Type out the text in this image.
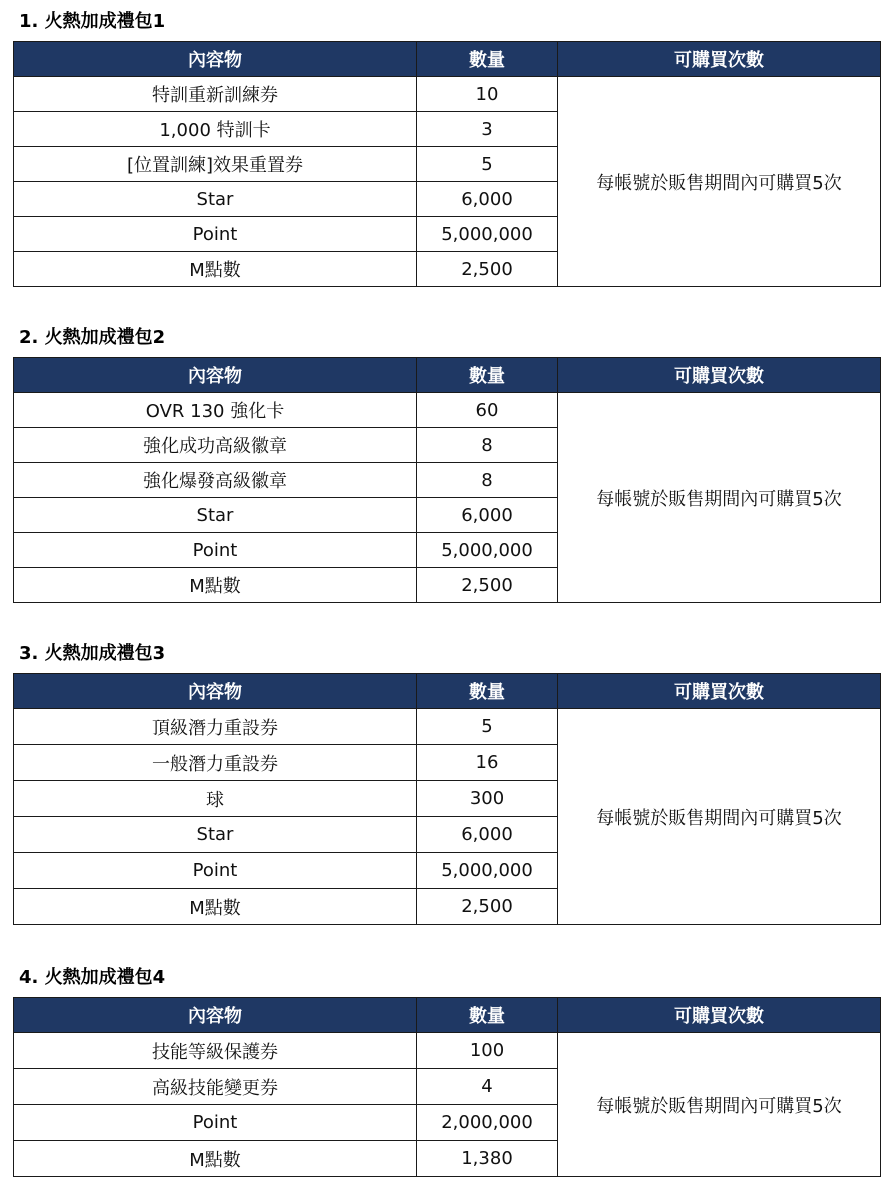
1. 火熱加成禮包1
內容物	數量	可購買次數
特訓重新訓練券	10	每帳號於販售期間內可購買5次
1,000 特訓卡	3	
[位置訓練]效果重置券	5	
Star	6,000	
Point	5,000,000	
M點數	2,500	
2. 火熱加成禮包2
內容物	數量	可購買次數
OVR 130 強化卡	60	每帳號於販售期間內可購買5次
強化成功高級徽章	8	
強化爆發高級徽章	8	
Star	6,000	
Point	5,000,000	
M點數	2,500	
3. 火熱加成禮包3
內容物	數量	可購買次數
頂級潛力重設券	5	每帳號於販售期間內可購買5次
一般潛力重設券	16	
球	300	
Star	6,000	
Point	5,000,000	
M點數	2,500	
4. 火熱加成禮包4
內容物	數量	可購買次數
技能等級保護券	100	每帳號於販售期間內可購買5次
高級技能變更券	4	
Point	2,000,000	
M點數	1,380	
